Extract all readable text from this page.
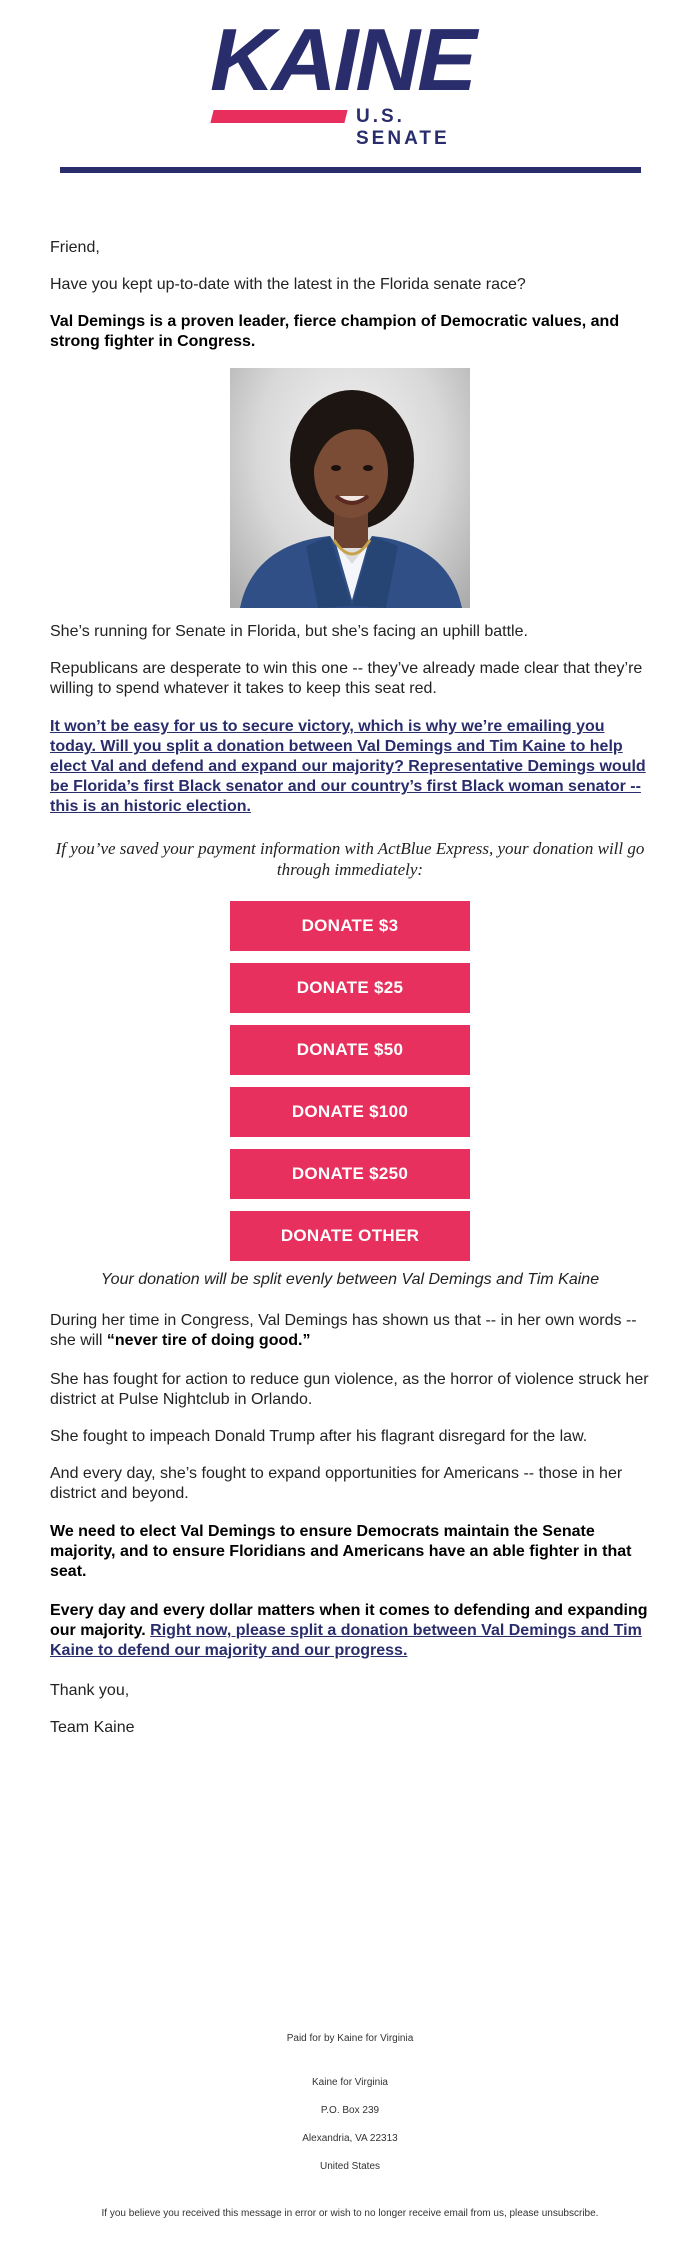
KAINE
U.S. SENATE

Friend,

Have you kept up-to-date with the latest in the Florida senate race?

Val Demings is a proven leader, fierce champion of Democratic values, and strong fighter in Congress.

She’s running for Senate in Florida, but she’s facing an uphill battle.

Republicans are desperate to win this one -- they’ve already made clear that they’re willing to spend whatever it takes to keep this seat red.

It won’t be easy for us to secure victory, which is why we’re emailing you today. Will you split a donation between Val Demings and Tim Kaine to help elect Val and defend and expand our majority? Representative Demings would be Florida’s first Black senator and our country’s first Black woman senator -- this is an historic election.

If you’ve saved your payment information with ActBlue Express, your donation will go through immediately:

DONATE $3
DONATE $25
DONATE $50
DONATE $100
DONATE $250
DONATE OTHER

Your donation will be split evenly between Val Demings and Tim Kaine

During her time in Congress, Val Demings has shown us that -- in her own words -- she will “never tire of doing good.”

She has fought for action to reduce gun violence, as the horror of violence struck her district at Pulse Nightclub in Orlando.

She fought to impeach Donald Trump after his flagrant disregard for the law.

And every day, she’s fought to expand opportunities for Americans -- those in her district and beyond.

We need to elect Val Demings to ensure Democrats maintain the Senate majority, and to ensure Floridians and Americans have an able fighter in that seat.

Every day and every dollar matters when it comes to defending and expanding our majority. Right now, please split a donation between Val Demings and Tim Kaine to defend our majority and our progress.

Thank you,

Team Kaine

Paid for by Kaine for Virginia
Kaine for Virginia
P.O. Box 239
Alexandria, VA 22313
United States
If you believe you received this message in error or wish to no longer receive email from us, please unsubscribe.
